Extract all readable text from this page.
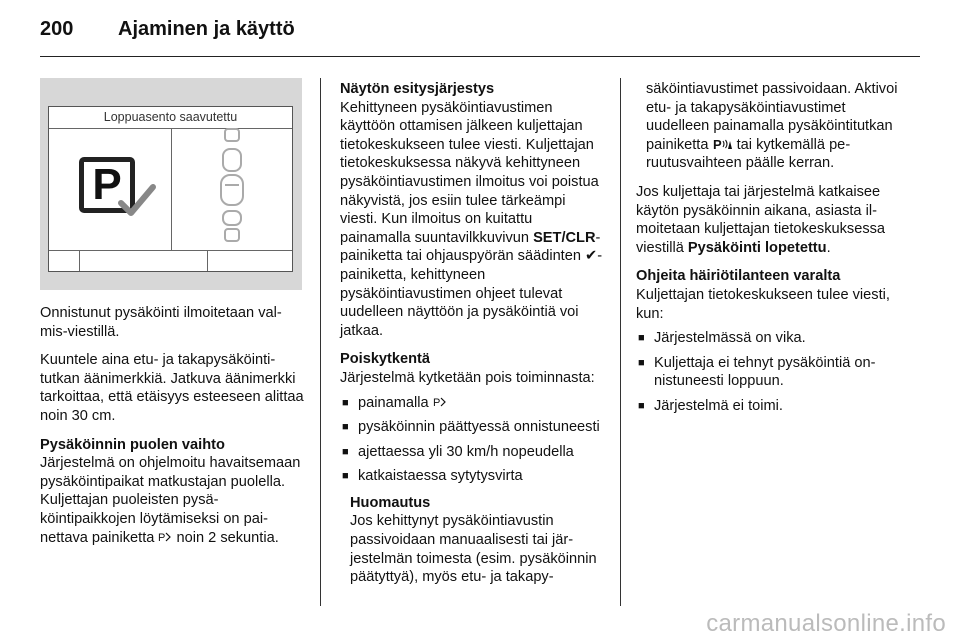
200	Ajaminen ja käyttö
Loppuasento saavutettu
P

Onnistunut pysäköinti ilmoitetaan valmis-viestillä.

Kuuntele aina etu- ja takapysäköintitutkan äänimerkkiä. Jatkuva äänimerkki tarkoittaa, että etäisyys esteeseen alittaa noin 30 cm.

Pysäköinnin puolen vaihto
Järjestelmä on ohjelmoitu havaitsemaan pysäköintipaikat matkustajan puolella. Kuljettajan puoleisten pysäköintipaikkojen löytämiseksi on painettava painiketta P noin 2 sekuntia.

Näytön esitysjärjestys
Kehittyneen pysäköintiavustimen käyttöön ottamisen jälkeen kuljettajan tietokeskukseen tulee viesti. Kuljettajan tietokeskuksessa näkyvä kehittyneen pysäköintiavustimen ilmoitus voi poistua näkyvistä, jos esiin tulee tärkeämpi viesti. Kun ilmoitus on kuitattu painamalla suuntavilkkuvivun SET/CLR-painiketta tai ohjauspyörän säädinten ✔-painiketta, kehittyneen pysäköintiavustimen ohjeet tulevat uudelleen näyttöön ja pysäköintiä voi jatkaa.

Poiskytkentä
Järjestelmä kytketään pois toiminnasta:

■ painamalla P
■ pysäköinnin päättyessä onnistuneesti
■ ajettaessa yli 30 km/h nopeudella
■ katkaistaessa sytytysvirta
Huomautus
Jos kehittynyt pysäköintiavustin passivoidaan manuaalisesti tai järjestelmän toimesta (esim. pysäköinnin päätyttyä), myös etu- ja takapy-

säköintiavustimet passivoidaan. Aktivoi etu- ja takapysäköintiavustimet uudelleen painamalla pysäköintitutkan painiketta P tai kytkemällä peruutusvaihteen päälle kerran.

Jos kuljettaja tai järjestelmä katkaisee käytön pysäköinnin aikana, asiasta ilmoitetaan kuljettajan tietokeskuksessa viestillä Pysäköinti lopetettu.

Ohjeita häiriötilanteen varalta
Kuljettajan tietokeskukseen tulee viesti, kun:

■ Järjestelmässä on vika.
■ Kuljettaja ei tehnyt pysäköintiä onnistuneesti loppuun.
■ Järjestelmä ei toimi.
carmanualsonline.info
